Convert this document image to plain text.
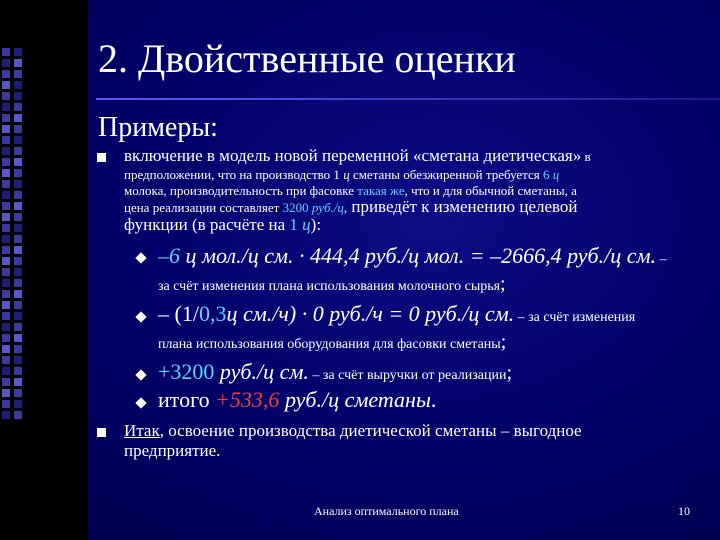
2. Двойственные оценки
Примеры:
включение в модель новой переменной «сметана диетическая» в
предположении, что на производство 1 ц сметаны обезжиренной требуется 6 ц
молока, производительность при фасовке такая же, что и для обычной сметаны, а
цена реализации составляет 3200 руб./ц, приведёт к изменению целевой
функции (в расчёте на 1 ц):
–6 ц мол./ц см. · 444,4 руб./ц мол. = –2666,4 руб./ц см. –
за счёт изменения плана использования молочного сырья;
– (1/0,3ц см./ч) · 0 руб./ч = 0 руб./ц см. – за счёт изменения
плана использования оборудования для фасовки сметаны;
+3200 руб./ц см. – за счёт выручки от реализации;
итого +533,6 руб./ц сметаны.
Итак, освоение производства диетической сметаны – выгодное
предприятие.
Анализ оптимального плана	10
